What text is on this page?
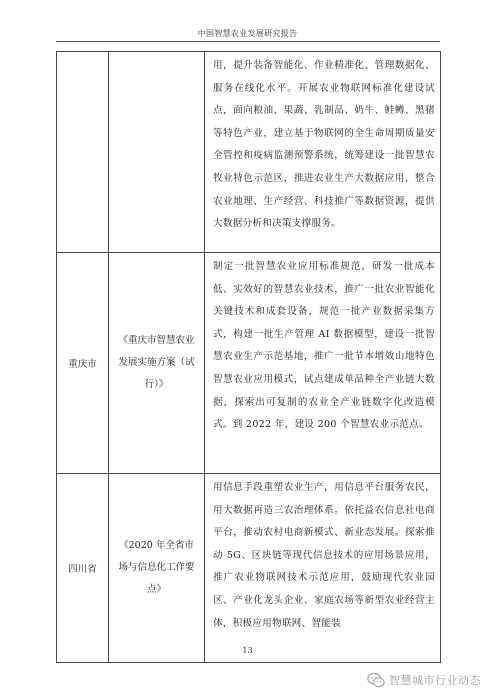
中国智慧农业发展研究报告
		用，提升装备智能化、作业精准化、管理数据化、服务在线化水平。开展农业物联网标准化建设试点，面向粮油、果蔬、乳制品、奶牛、鲑鳟、黑猪等特色产业，建立基于物联网的全生命周期质量安全管控和疫病监测预警系统，统筹建设一批智慧农牧业特色示范区，推进农业生产大数据应用，整合农业地理、生产经营、科技推广等数据资源，提供大数据分析和决策支撑服务。
重庆市	《重庆市智慧农业发展实施方案（试行）》	制定一批智慧农业应用标准规范，研发一批成本低、实效好的智慧农业技术，推广一批农业智能化关键技术和成套设备，规范一批产业数据采集方式，构建一批生产管理 AI 数据模型，建设一批智慧农业生产示范基地，推广一批节本增效山地特色智慧农业应用模式，试点建成单品种全产业链大数据，探索出可复制的农业全产业链数字化改造模式。到 2022 年，建设 200 个智慧农业示范点。
四川省	《2020 年全省市场与信息化工作要点》	用信息手段重塑农业生产，用信息平台服务农民，用大数据再造三农治理体系。依托益农信息社电商平台，推动农村电商新模式、新业态发展。探索推动 5G、区块链等现代信息技术的应用场景应用，推广农业物联网技术示范应用，鼓励现代农业园区、产业化龙头企业、家庭农场等新型农业经营主体，积极应用物联网、智能装
13
智慧城市行业动态
